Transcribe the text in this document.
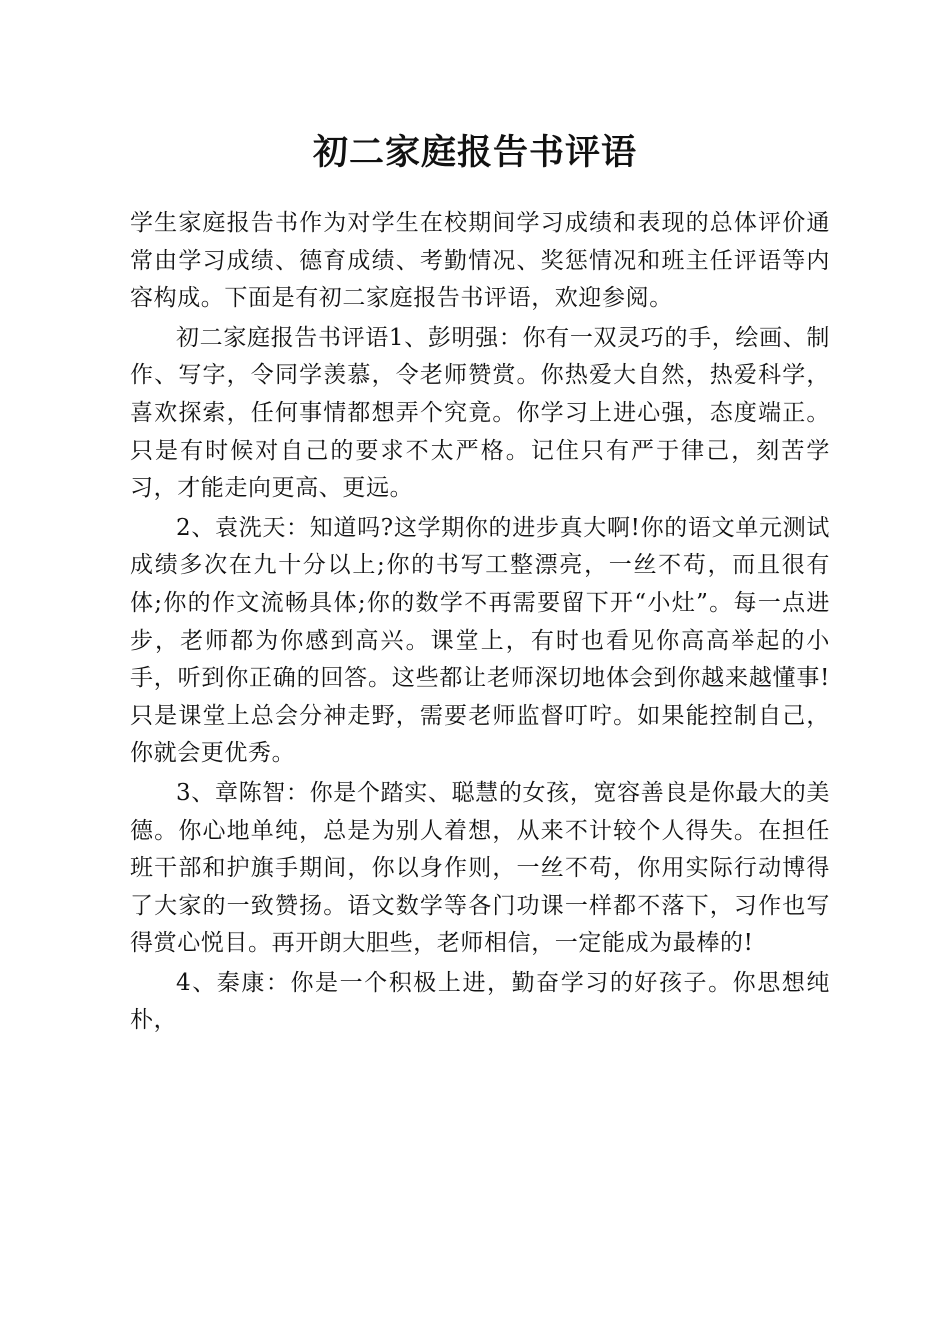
初二家庭报告书评语

学生家庭报告书作为对学生在校期间学习成绩和表现的总体评价通常由学习成绩、德育成绩、考勤情况、奖惩情况和班主任评语等内容构成。下面是有初二家庭报告书评语，欢迎参阅。

初二家庭报告书评语1、彭明强：你有一双灵巧的手，绘画、制作、写字，令同学羡慕，令老师赞赏。你热爱大自然，热爱科学，喜欢探索，任何事情都想弄个究竟。你学习上进心强，态度端正。只是有时候对自己的要求不太严格。记住只有严于律己，刻苦学习，才能走向更高、更远。

2、袁洗天：知道吗?这学期你的进步真大啊!你的语文单元测试成绩多次在九十分以上;你的书写工整漂亮，一丝不苟，而且很有体;你的作文流畅具体;你的数学不再需要留下开“小灶”。每一点进步，老师都为你感到高兴。课堂上，有时也看见你高高举起的小手，听到你正确的回答。这些都让老师深切地体会到你越来越懂事!只是课堂上总会分神走野，需要老师监督叮咛。如果能控制自己，你就会更优秀。

3、章陈智：你是个踏实、聪慧的女孩，宽容善良是你最大的美德。你心地单纯，总是为别人着想，从来不计较个人得失。在担任班干部和护旗手期间，你以身作则，一丝不苟，你用实际行动博得了大家的一致赞扬。语文数学等各门功课一样都不落下，习作也写得赏心悦目。再开朗大胆些，老师相信，一定能成为最棒的!

4、秦康：你是一个积极上进，勤奋学习的好孩子。你思想纯朴，
